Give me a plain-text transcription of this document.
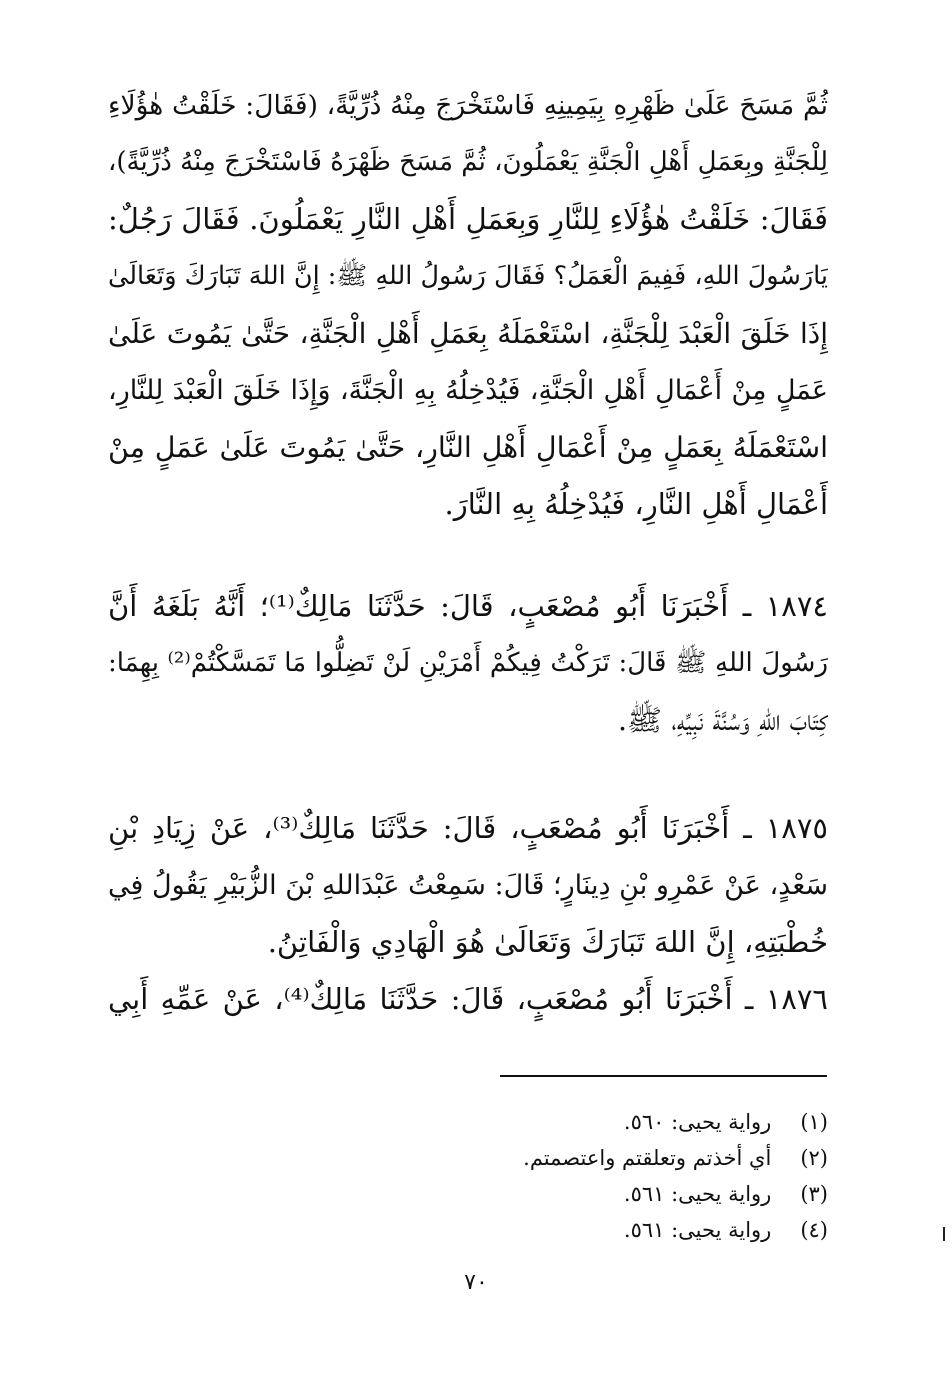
ثُمَّ مَسَحَ عَلَىٰ ظَهْرِهِ بِيَمِينِهِ فَاسْتَخْرَجَ مِنْهُ ذُرِّيَّةً، (فَقَالَ: خَلَقْتُ هٰؤُلَاءِ
لِلْجَنَّةِ وبِعَمَلِ أَهْلِ الْجَنَّةِ يَعْمَلُونَ، ثُمَّ مَسَحَ ظَهْرَهُ فَاسْتَخْرَجَ مِنْهُ ذُرِّيَّةً)،
فَقَالَ: خَلَقْتُ هٰؤُلَاءِ لِلنَّارِ وَبِعَمَلِ أَهْلِ النَّارِ يَعْمَلُونَ. فَقَالَ رَجُلٌ:
يَارَسُولَ اللهِ، فَفِيمَ الْعَمَلُ؟ فَقَالَ رَسُولُ اللهِ ﷺ: إِنَّ اللهَ تَبَارَكَ وَتَعَالَىٰ
إِذَا خَلَقَ الْعَبْدَ لِلْجَنَّةِ، اسْتَعْمَلَهُ بِعَمَلِ أَهْلِ الْجَنَّةِ، حَتَّىٰ يَمُوتَ عَلَىٰ
عَمَلٍ مِنْ أَعْمَالِ أَهْلِ الْجَنَّةِ، فَيُدْخِلُهُ بِهِ الْجَنَّةَ، وَإِذَا خَلَقَ الْعَبْدَ لِلنَّارِ،
اسْتَعْمَلَهُ بِعَمَلٍ مِنْ أَعْمَالِ أَهْلِ النَّارِ، حَتَّىٰ يَمُوتَ عَلَىٰ عَمَلٍ مِنْ
أَعْمَالِ أَهْلِ النَّارِ، فَيُدْخِلُهُ بِهِ النَّارَ.
١٨٧٤ ـ أَخْبَرَنَا أَبُو مُصْعَبٍ، قَالَ: حَدَّثَنَا مَالِكٌ⁽¹⁾؛ أَنَّهُ بَلَغَهُ أَنَّ
رَسُولَ اللهِ ﷺ قَالَ: تَرَكْتُ فِيكُمْ أَمْرَيْنِ لَنْ تَضِلُّوا مَا تَمَسَّكْتُمْ⁽²⁾ بِهِمَا:
كِتَابَ اللهِ وَسُنَّةَ نَبِيِّهِ، ﷺ.
١٨٧٥ ـ أَخْبَرَنَا أَبُو مُصْعَبٍ، قَالَ: حَدَّثَنَا مَالِكٌ⁽³⁾، عَنْ زِيَادِ بْنِ
سَعْدٍ، عَنْ عَمْرِو بْنِ دِينَارٍ؛ قَالَ: سَمِعْتُ عَبْدَاللهِ بْنَ الزُّبَيْرِ يَقُولُ فِي
خُطْبَتِهِ، إِنَّ اللهَ تَبَارَكَ وَتَعَالَىٰ هُوَ الْهَادِي وَالْفَاتِنُ.
١٨٧٦ ـ أَخْبَرَنَا أَبُو مُصْعَبٍ، قَالَ: حَدَّثَنَا مَالِكٌ⁽⁴⁾، عَنْ عَمِّهِ أَبِي
(١) رواية يحيى: ٥٦٠.
(٢) أي أخذتم وتعلقتم واعتصمتم.
(٣) رواية يحيى: ٥٦١.
(٤) رواية يحيى: ٥٦١.
٧٠
